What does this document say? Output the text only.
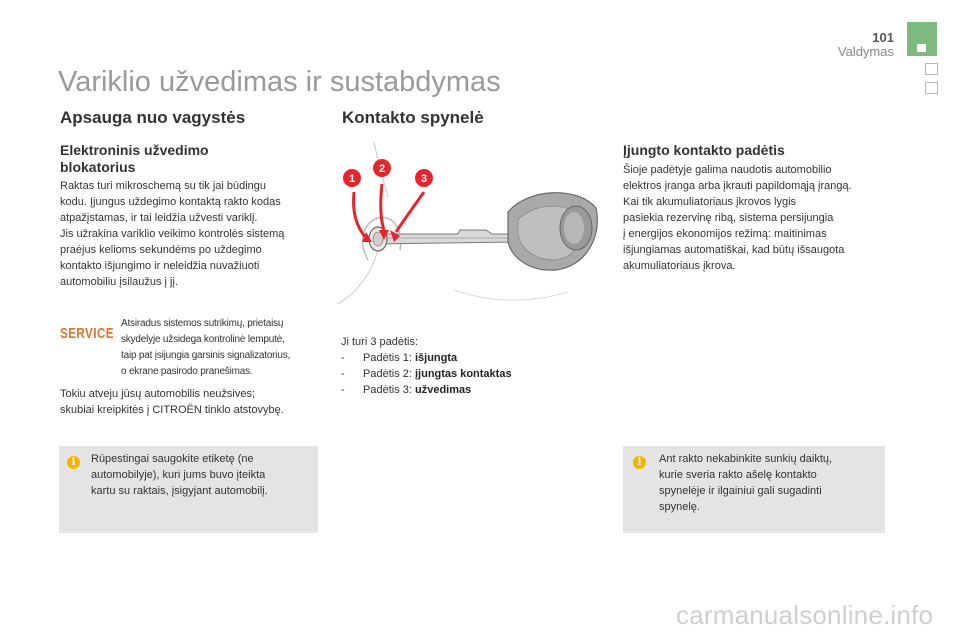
101
Valdymas
Variklio užvedimas ir sustabdymas
Apsauga nuo vagystės
Elektroninis užvedimo
blokatorius
Raktas turi mikroschemą su tik jai būdingu
kodu. Įjungus uždegimo kontaktą rakto kodas
atpažįstamas, ir tai leidžia užvesti variklį.
Jis užrakina variklio veikimo kontrolės sistemą
praėjus kelioms sekundėms po uždegimo
kontakto išjungimo ir neleidžia nuvažiuoti
automobiliu įsilaužus į jį.
SERVICE
Atsiradus sistemos sutrikimų, prietaisų
skydelyje užsidega kontrolinė lemputė,
taip pat įsijungia garsinis signalizatorius,
o ekrane pasirodo pranešimas.
Tokiu atveju jūsų automobilis neužsives;
skubiai kreipkitės į CITROËN tinklo atstovybę.
i	Rūpestingai saugokite etiketę (ne
automobilyje), kuri jums buvo įteikta
kartu su raktais, įsigyjant automobilį.
Kontakto spynelė
1
2
3
Ji turi 3 padėtis:
- Padėtis 1: išjungta
- Padėtis 2: įjungtas kontaktas
- Padėtis 3: užvedimas
Įjungto kontakto padėtis
Šioje padėtyje galima naudotis automobilio
elektros įranga arba įkrauti papildomąją įrangą.
Kai tik akumuliatoriaus įkrovos lygis
pasiekia rezervinę ribą, sistema persijungia
į energijos ekonomijos režimą: maitinimas
išjungiamas automatiškai, kad būtų išsaugota
akumuliatoriaus įkrova.
i	Ant rakto nekabinkite sunkių daiktų,
kurie sveria rakto ašelę kontakto
spynelėje ir ilgainiui gali sugadinti
spynelę.
carmanualsonline.info
